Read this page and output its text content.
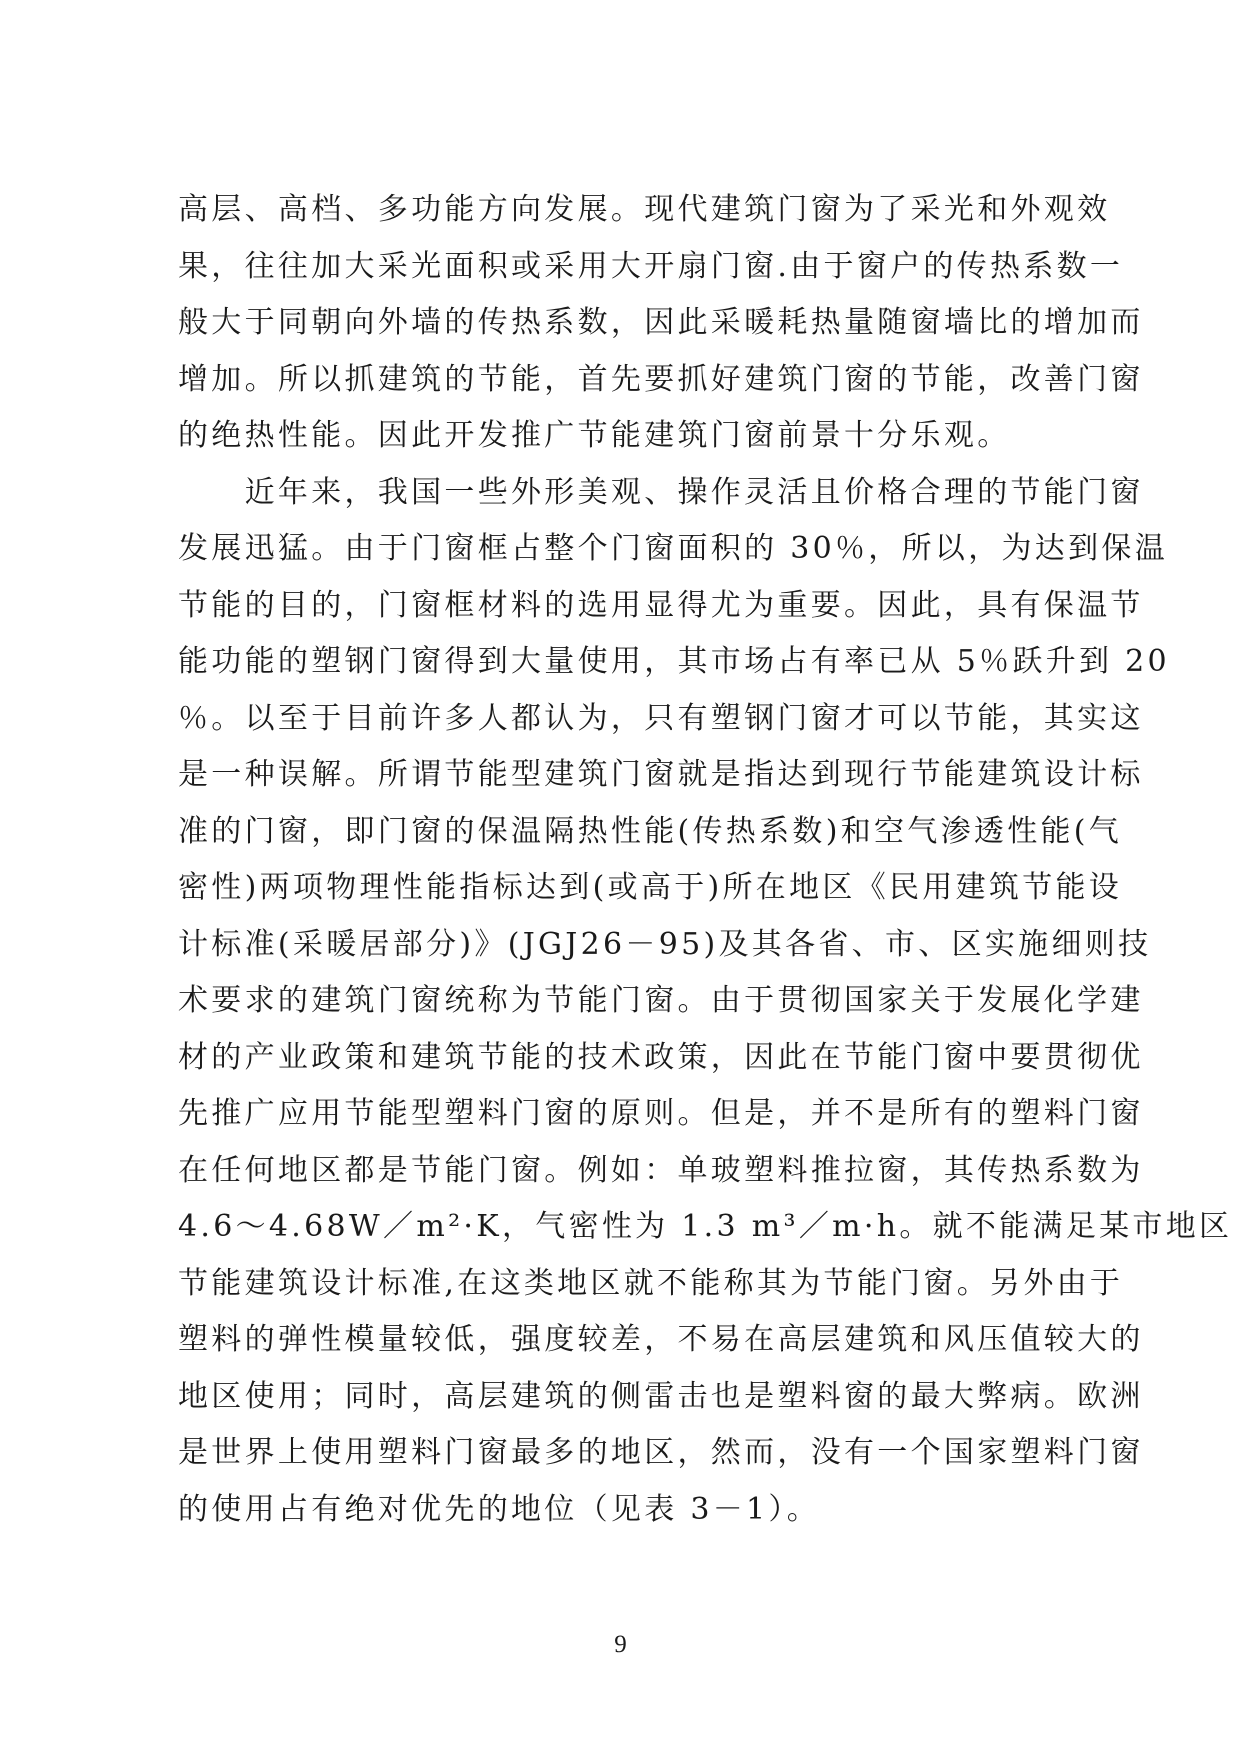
高层、高档、多功能方向发展。现代建筑门窗为了采光和外观效
果，往往加大采光面积或采用大开扇门窗.由于窗户的传热系数一
般大于同朝向外墙的传热系数，因此采暖耗热量随窗墙比的增加而
增加。所以抓建筑的节能，首先要抓好建筑门窗的节能，改善门窗
的绝热性能。因此开发推广节能建筑门窗前景十分乐观。
　　近年来，我国一些外形美观、操作灵活且价格合理的节能门窗
发展迅猛。由于门窗框占整个门窗面积的 30％，所以，为达到保温
节能的目的，门窗框材料的选用显得尤为重要。因此，具有保温节
能功能的塑钢门窗得到大量使用，其市场占有率已从 5％跃升到 20
％。以至于目前许多人都认为，只有塑钢门窗才可以节能，其实这
是一种误解。所谓节能型建筑门窗就是指达到现行节能建筑设计标
准的门窗，即门窗的保温隔热性能(传热系数)和空气渗透性能(气
密性)两项物理性能指标达到(或高于)所在地区《民用建筑节能设
计标准(采暖居部分)》(JGJ26－95)及其各省、市、区实施细则技
术要求的建筑门窗统称为节能门窗。由于贯彻国家关于发展化学建
材的产业政策和建筑节能的技术政策，因此在节能门窗中要贯彻优
先推广应用节能型塑料门窗的原则。但是，并不是所有的塑料门窗
在任何地区都是节能门窗。例如：单玻塑料推拉窗，其传热系数为
4.6～4.68W／m²·K，气密性为 1.3 m³／m·h。就不能满足某市地区
节能建筑设计标准,在这类地区就不能称其为节能门窗。另外由于
塑料的弹性模量较低，强度较差，不易在高层建筑和风压值较大的
地区使用；同时，高层建筑的侧雷击也是塑料窗的最大弊病。欧洲
是世界上使用塑料门窗最多的地区，然而，没有一个国家塑料门窗
的使用占有绝对优先的地位（见表 3－1）。
9
